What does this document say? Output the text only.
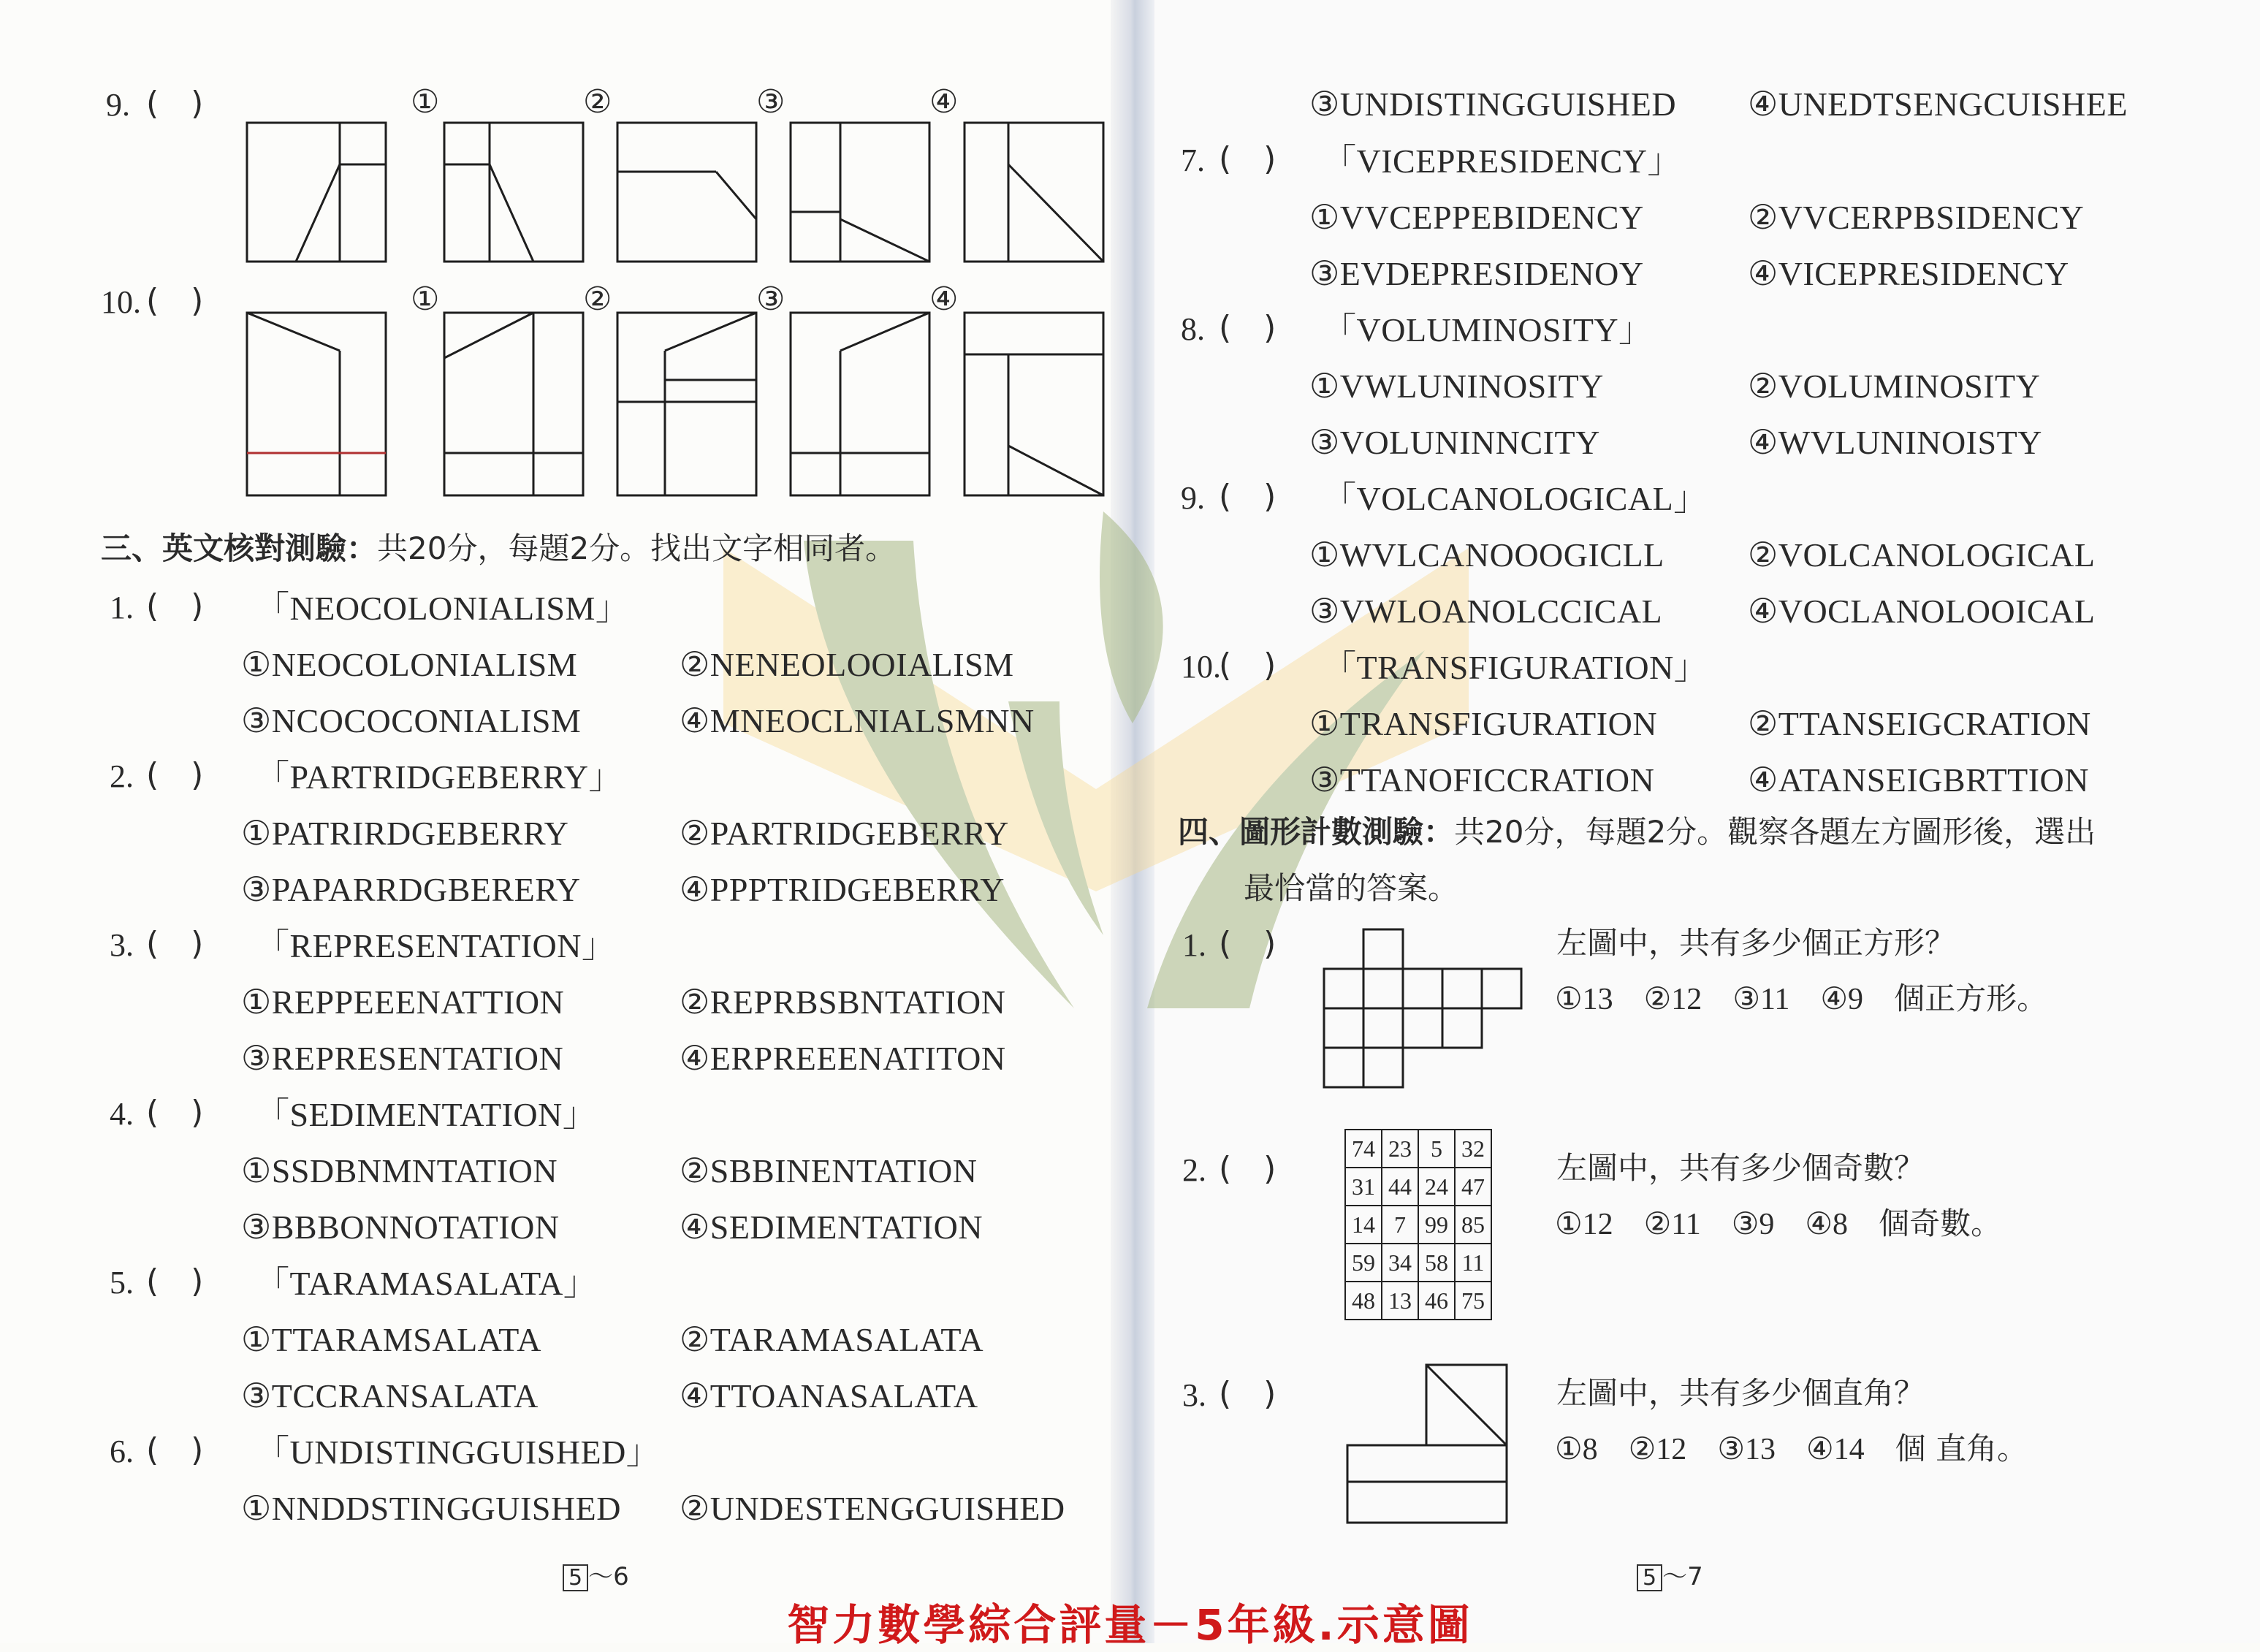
9. (　)	①	②	③	④
10. (　)	①	②	③	④
三、英文核對測驗：共20分，每題2分。找出文字相同者。
1. (　) 「NEOCOLONIALISM」
①NEOCOLONIALISM	②NENEOLOOIALISM
③NCOCOCONIALISM	④MNEOCLNIALSMNN
2. (　) 「PARTRIDGEBERRY」
①PATRIRDGEBERRY	②PARTRIDGEBERRY
③PAPARRDGBERERY	④PPPTRIDGEBERRY
3. (　) 「REPRESENTATION」
①REPPEEENATTION	②REPRBSBNTATION
③REPRESENTATION	④ERPREEENATITON
4. (　) 「SEDIMENTATION」
①SSDBNMNTATION	②SBBINENTATION
③BBBONNOTATION	④SEDIMENTATION
5. (　) 「TARAMASALATA」
①TTARAMSALATA	②TARAMASALATA
③TCCRANSALATA	④TTOANASALATA
6. (　) 「UNDISTINGGUISHED」
①NNDDSTINGGUISHED ②UNDESTENGGUISHED
5 ～6
③UNDISTINGGUISHED ④UNEDTSENGCUISHEE
7. (　) 「VICEPRESIDENCY」
①VVCEPPEBIDENCY	②VVCERPBSIDENCY
③EVDEPRESIDENOY	④VICEPRESIDENCY
8. (　) 「VOLUMINOSITY」
①VWLUNINOSITY	②VOLUMINOSITY
③VOLUNINNCITY	④WVLUNINOISTY
9. (　) 「VOLCANOLOGICAL」
①WVLCANOOOGICLL ②VOLCANOLOGICAL
③VWLOANOLCCICAL	④VOCLANOLOOICAL
10.
(　) 「TRANSFIGURATION」
①TRANSFIGURATION	②TTANSEIGCRATION
③TTANOFICCRATION	④ATANSEIGBRTTION
四、圖形計數測驗：共20分，每題2分。觀察各題左方圖形後，選出
最恰當的答案。
1. (　)	左圖中，共有多少個正方形？
①13 ②12 ③11 ④9 個正方形。
2. (　)
74	23	5	32
31	44	24	47
14	7	99	85
59	34	58	11
48	13	46	75
左圖中，共有多少個奇數？
①12 ②11 ③9 ④8 個奇數。
3. (　)	左圖中，共有多少個直角？
①8 ②12 ③13 ④14 個 直角。
5 ～7
智力數學綜合評量－5年級.示意圖
